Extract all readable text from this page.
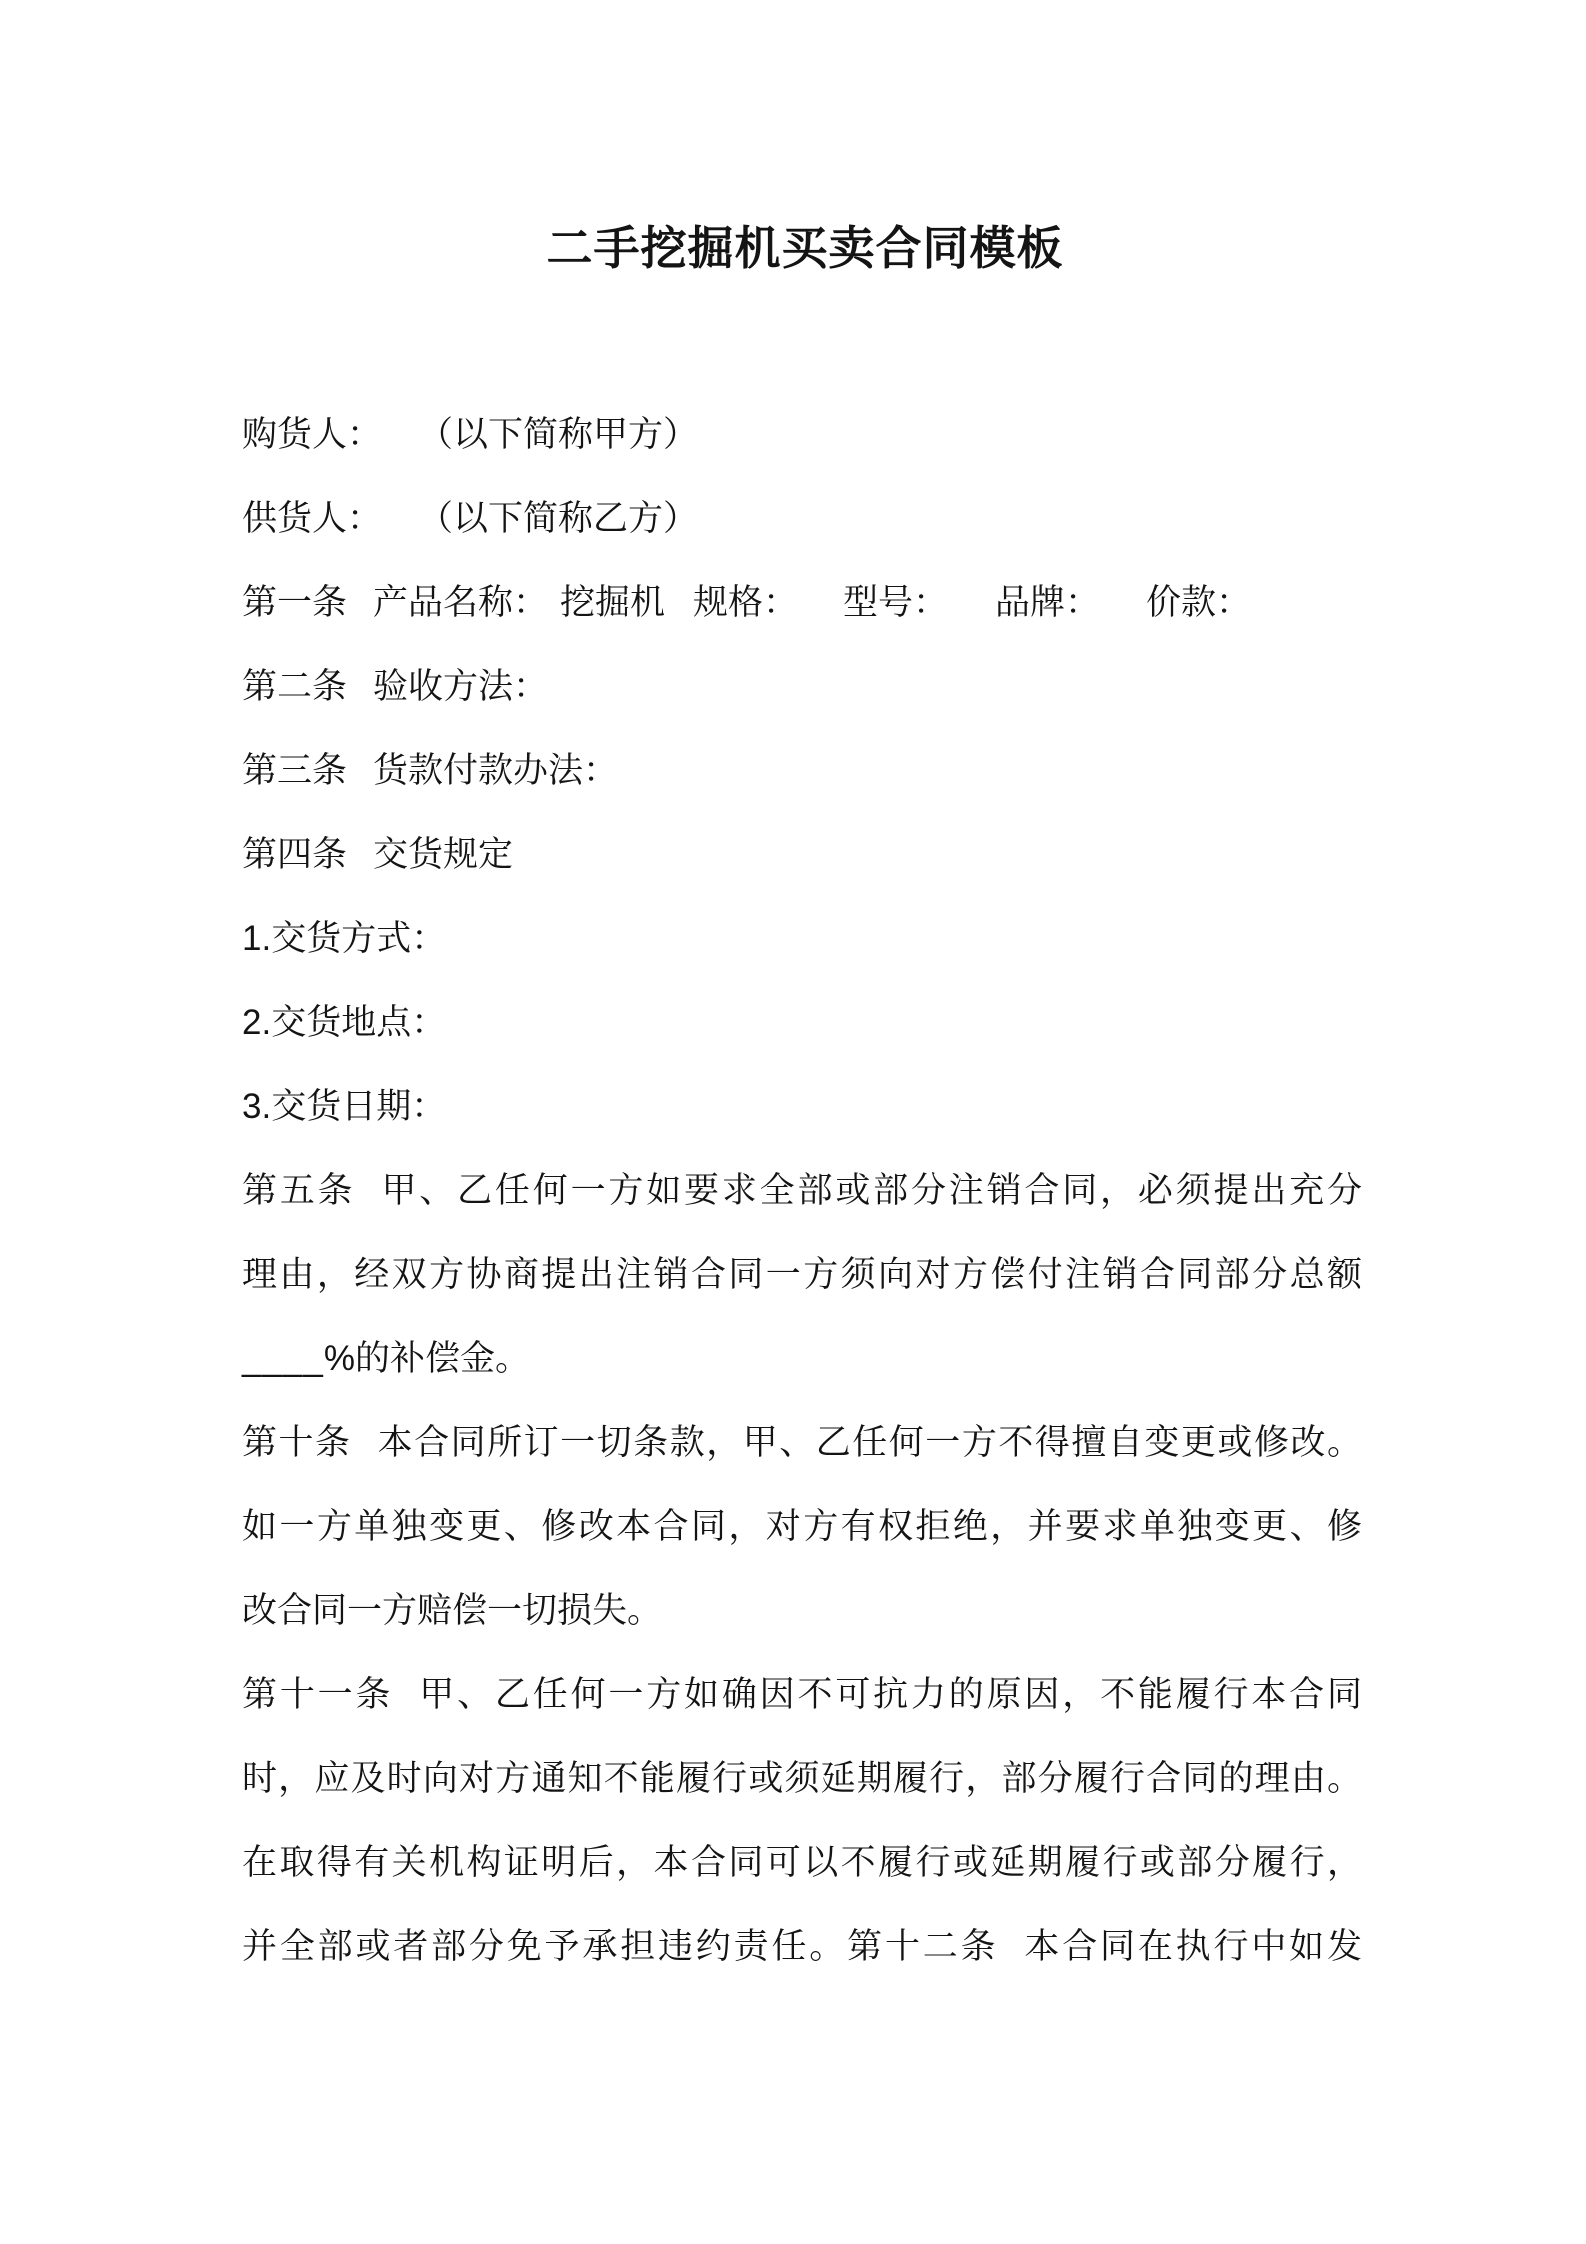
二手挖掘机买卖合同模板
购货人： （以下简称甲方）
供货人： （以下简称乙方）
第一条 产品名称： 挖掘机 规格： 型号： 品牌： 价款：
第二条 验收方法：
第三条 货款付款办法：
第四条 交货规定
1.交货方式：
2.交货地点：
3.交货日期：
第五条 甲、乙任何一方如要求全部或部分注销合同，必须提出充分
理由，经双方协商提出注销合同一方须向对方偿付注销合同部分总额
____%的补偿金。
第十条 本合同所订一切条款，甲、乙任何一方不得擅自变更或修改。
如一方单独变更、修改本合同，对方有权拒绝，并要求单独变更、修
改合同一方赔偿一切损失。
第十一条 甲、乙任何一方如确因不可抗力的原因，不能履行本合同
时，应及时向对方通知不能履行或须延期履行，部分履行合同的理由。
在取得有关机构证明后，本合同可以不履行或延期履行或部分履行，
并全部或者部分免予承担违约责任。第十二条 本合同在执行中如发
